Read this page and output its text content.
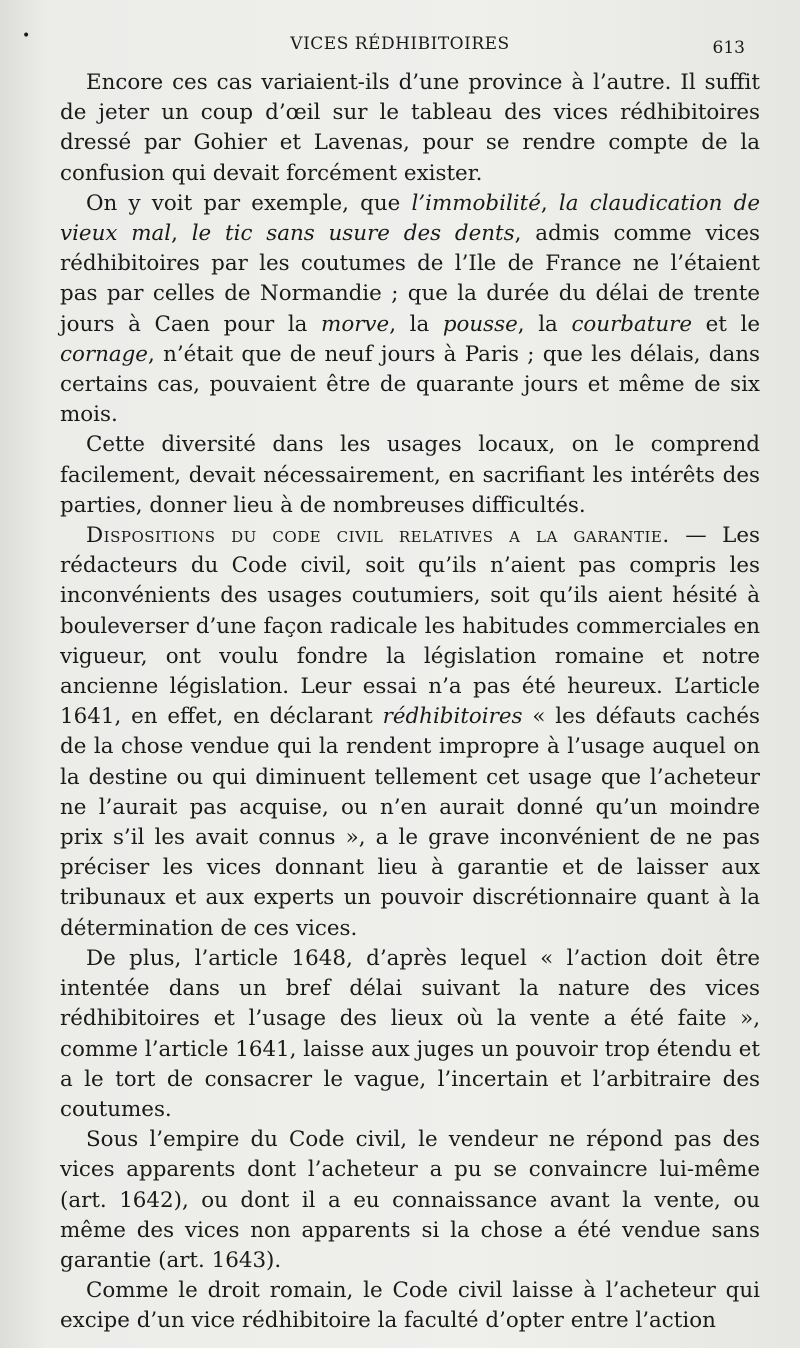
•	VICES RÉDHIBITOIRES	613

Encore ces cas variaient-ils d’une province à l’autre. Il suffit de jeter un coup d’œil sur le tableau des vices rédhibitoires dressé par Gohier et Lavenas, pour se rendre compte de la confusion qui devait forcément exister.

On y voit par exemple, que l’immobilité, la claudication de vieux mal, le tic sans usure des dents, admis comme vices rédhibitoires par les coutumes de l’Ile de France ne l’étaient pas par celles de Normandie ; que la durée du délai de trente jours à Caen pour la morve, la pousse, la courbature et le cornage, n’était que de neuf jours à Paris ; que les délais, dans certains cas, pouvaient être de quarante jours et même de six mois.

Cette diversité dans les usages locaux, on le comprend facilement, devait nécessairement, en sacrifiant les intérêts des parties, donner lieu à de nombreuses difficultés.

Dispositions du code civil relatives a la garantie. — Les rédacteurs du Code civil, soit qu’ils n’aient pas compris les inconvénients des usages coutumiers, soit qu’ils aient hésité à bouleverser d’une façon radicale les habitudes commerciales en vigueur, ont voulu fondre la législation romaine et notre ancienne législation. Leur essai n’a pas été heureux. L’article 1641, en effet, en déclarant rédhibitoires « les défauts cachés de la chose vendue qui la rendent impropre à l’usage auquel on la destine ou qui diminuent tellement cet usage que l’acheteur ne l’aurait pas acquise, ou n’en aurait donné qu’un moindre prix s’il les avait connus », a le grave inconvénient de ne pas préciser les vices donnant lieu à garantie et de laisser aux tribunaux et aux experts un pouvoir discrétionnaire quant à la détermination de ces vices.

De plus, l’article 1648, d’après lequel « l’action doit être intentée dans un bref délai suivant la nature des vices rédhibitoires et l’usage des lieux où la vente a été faite », comme l’article 1641, laisse aux juges un pouvoir trop étendu et a le tort de consacrer le vague, l’incertain et l’arbitraire des coutumes.

Sous l’empire du Code civil, le vendeur ne répond pas des vices apparents dont l’acheteur a pu se convaincre lui-même (art. 1642), ou dont il a eu connaissance avant la vente, ou même des vices non apparents si la chose a été vendue sans garantie (art. 1643).

Comme le droit romain, le Code civil laisse à l’acheteur qui excipe d’un vice rédhibitoire la faculté d’opter entre l’action
